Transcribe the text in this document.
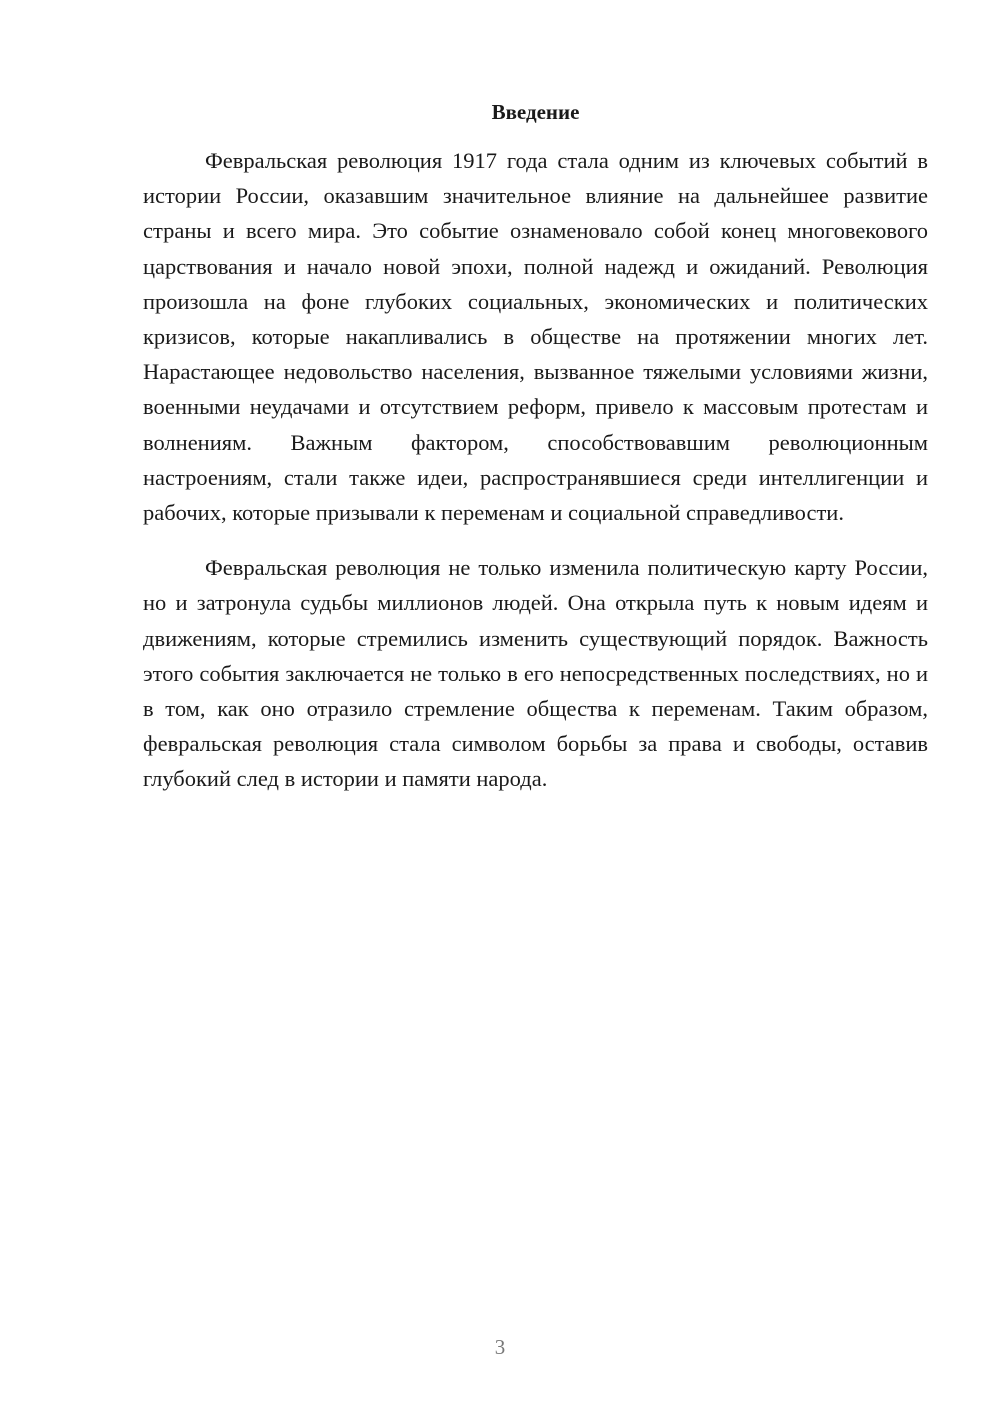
Введение

Февральская революция 1917 года стала одним из ключевых событий в истории России, оказавшим значительное влияние на дальнейшее развитие страны и всего мира. Это событие ознаменовало собой конец многовекового царствования и начало новой эпохи, полной надежд и ожиданий. Революция произошла на фоне глубоких социальных, экономических и политических кризисов, которые накапливались в обществе на протяжении многих лет. Нарастающее недовольство населения, вызванное тяжелыми условиями жизни, военными неудачами и отсутствием реформ, привело к массовым протестам и волнениям. Важным фактором, способствовавшим революционным настроениям, стали также идеи, распространявшиеся среди интеллигенции и рабочих, которые призывали к переменам и социальной справедливости.

Февральская революция не только изменила политическую карту России, но и затронула судьбы миллионов людей. Она открыла путь к новым идеям и движениям, которые стремились изменить существующий порядок. Важность этого события заключается не только в его непосредственных последствиях, но и в том, как оно отразило стремление общества к переменам. Таким образом, февральская революция стала символом борьбы за права и свободы, оставив глубокий след в истории и памяти народа.

3
